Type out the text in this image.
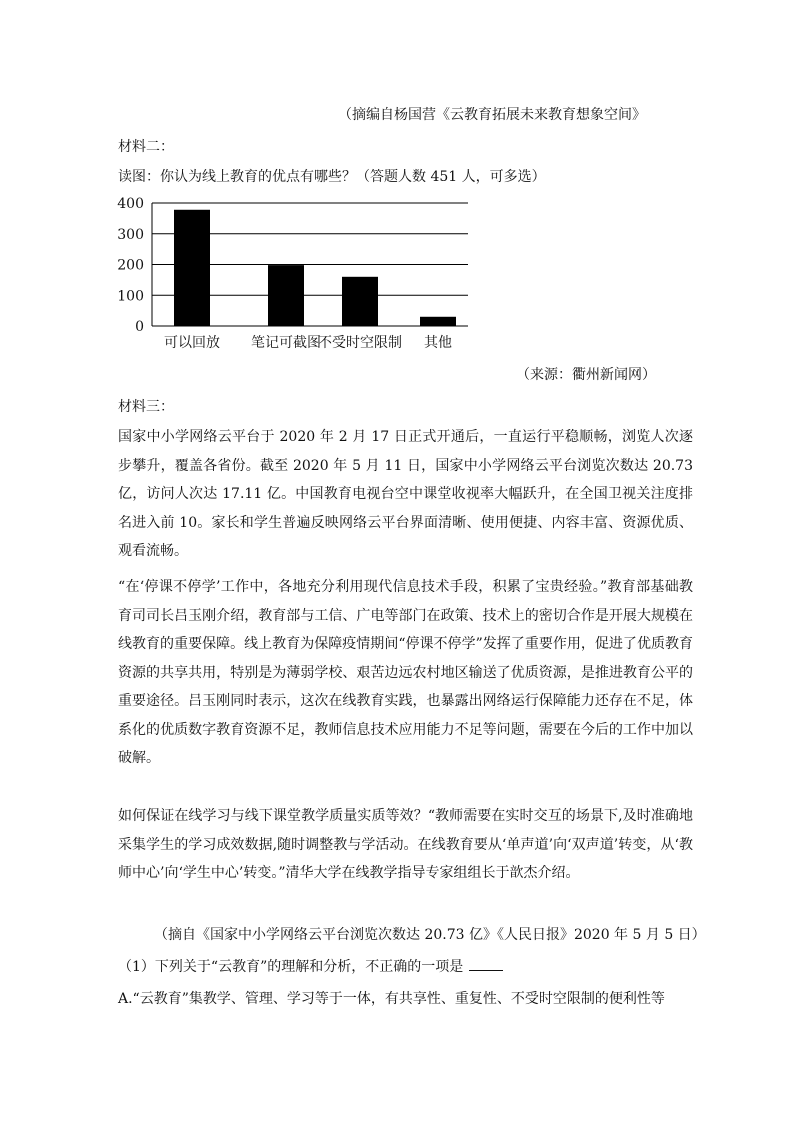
（摘编自杨国营《云教育拓展未来教育想象空间》
材料二：
读图：你认为线上教育的优点有哪些？（答题人数 451 人，可多选）
0
100
200
300
400
可以回放 笔记可截图
不受时空限制 其他
（来源：衢州新闻网）
材料三：
国家中小学网络云平台于 2020 年 2 月 17 日正式开通后，一直运行平稳顺畅，浏览人次逐步攀升，覆盖各省份。截至 2020 年 5 月 11 日，国家中小学网络云平台浏览次数达 20.73 亿，访问人次达 17.11 亿。中国教育电视台空中课堂收视率大幅跃升，在全国卫视关注度排名进入前 10。家长和学生普遍反映网络云平台界面清晰、使用便捷、内容丰富、资源优质、观看流畅。
“在‘停课不停学’工作中，各地充分利用现代信息技术手段，积累了宝贵经验。”教育部基础教育司司长吕玉刚介绍，教育部与工信、广电等部门在政策、技术上的密切合作是开展大规模在线教育的重要保障。线上教育为保障疫情期间“停课不停学”发挥了重要作用，促进了优质教育资源的共享共用，特别是为薄弱学校、艰苦边远农村地区输送了优质资源，是推进教育公平的重要途径。吕玉刚同时表示，这次在线教育实践，也暴露出网络运行保障能力还存在不足，体系化的优质数字教育资源不足，教师信息技术应用能力不足等问题，需要在今后的工作中加以破解。
如何保证在线学习与线下课堂教学质量实质等效？“教师需要在实时交互的场景下,及时准确地采集学生的学习成效数据,随时调整教与学活动。在线教育要从‘单声道’向‘双声道’转变，从‘教师中心’向‘学生中心’转变。”清华大学在线教学指导专家组组长于歆杰介绍。
（摘自《国家中小学网络云平台浏览次数达 20.73 亿》《人民日报》2020 年 5 月 5 日）
（1）下列关于“云教育”的理解和分析，不正确的一项是
A.“云教育”集教学、管理、学习等于一体，有共享性、重复性、不受时空限制的便利性等
